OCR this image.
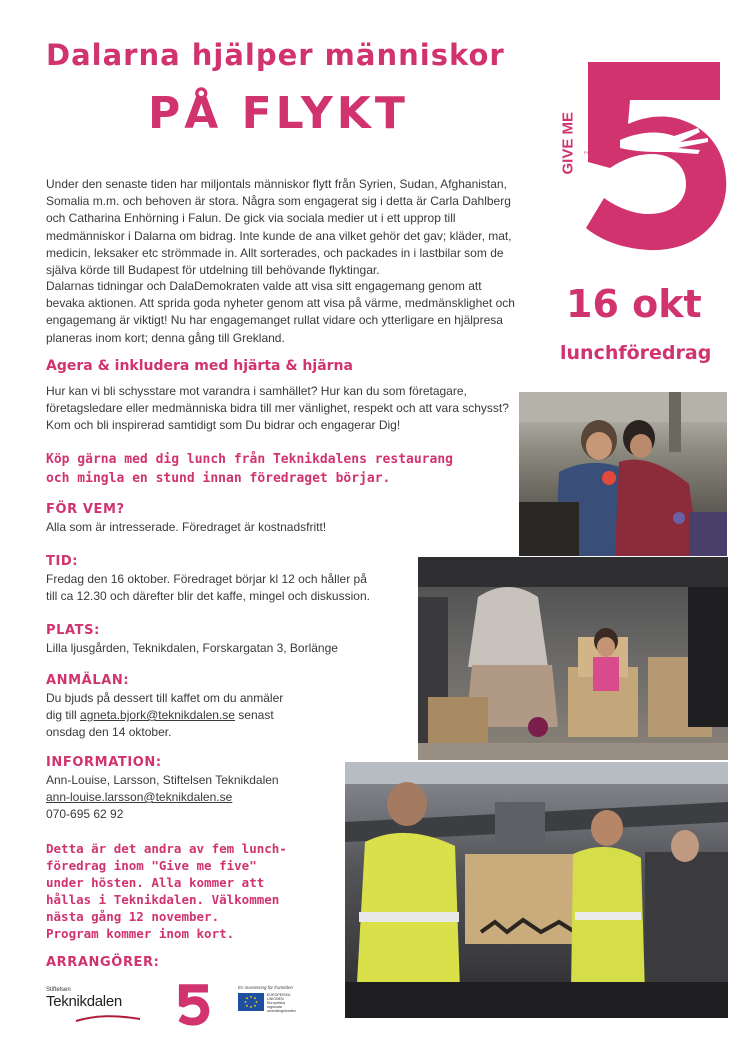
Dalarna hjälper människor
PÅ FLYKT	GIVE ME POWERED BY SMARTSIGN
16 okt
lunchföredrag
Under den senaste tiden har miljontals människor flytt från Syrien, Sudan, Afghanistan, Somalia m.m. och behoven är stora. Några som engagerat sig i detta är Carla Dahlberg och Catharina Enhörning i Falun. De gick via sociala medier ut i ett upprop till medmänniskor i Dalarna om bidrag. Inte kunde de ana vilket gehör det gav; kläder, mat, medicin, leksaker etc strömmade in. Allt sorterades, och packades in i lastbilar som de själva körde till Budapest för utdelning till behövande flyktingar.
Dalarnas tidningar och DalaDemokraten valde att visa sitt engagemang genom att bevaka aktionen. Att sprida goda nyheter genom att visa på värme, medmänsklighet och engagemang är viktigt! Nu har engagemanget rullat vidare och ytterligare en hjälpresa planeras inom kort; denna gång till Grekland.
Agera & inkludera med hjärta & hjärna
Hur kan vi bli schysstare mot varandra i samhället? Hur kan du som företagare, företagsledare eller medmänniska bidra till mer vänlighet, respekt och att vara schysst? Kom och bli inspirerad samtidigt som Du bidrar och engagerar Dig!
Köp gärna med dig lunch från Teknikdalens restaurang
och mingla en stund innan föredraget börjar.
FÖR VEM?
Alla som är intresserade. Föredraget är kostnadsfritt!
TID:
Fredag den 16 oktober. Föredraget börjar kl 12 och håller på
till ca 12.30 och därefter blir det kaffe, mingel och diskussion.
PLATS:
Lilla ljusgården, Teknikdalen, Forskargatan 3, Borlänge
ANMÄLAN:
Du bjuds på dessert till kaffet om du anmäler
dig till agneta.bjork@teknikdalen.se senast
onsdag den 14 oktober.
INFORMATION:
Ann-Louise, Larsson, Stiftelsen Teknikdalen
ann-louise.larsson@teknikdalen.se
070-695 62 92
Detta är det andra av fem lunch-
föredrag inom "Give me five"
under hösten. Alla kommer att
hållas i Teknikdalen. Välkommen
nästa gång 12 november.
Program kommer inom kort.
ARRANGÖRER:
Stiftelsen
Teknikdalen
En investering för framtiden
EUROPEISKA
UNIONEN
Europeiska
regionala
utvecklingsfonden
